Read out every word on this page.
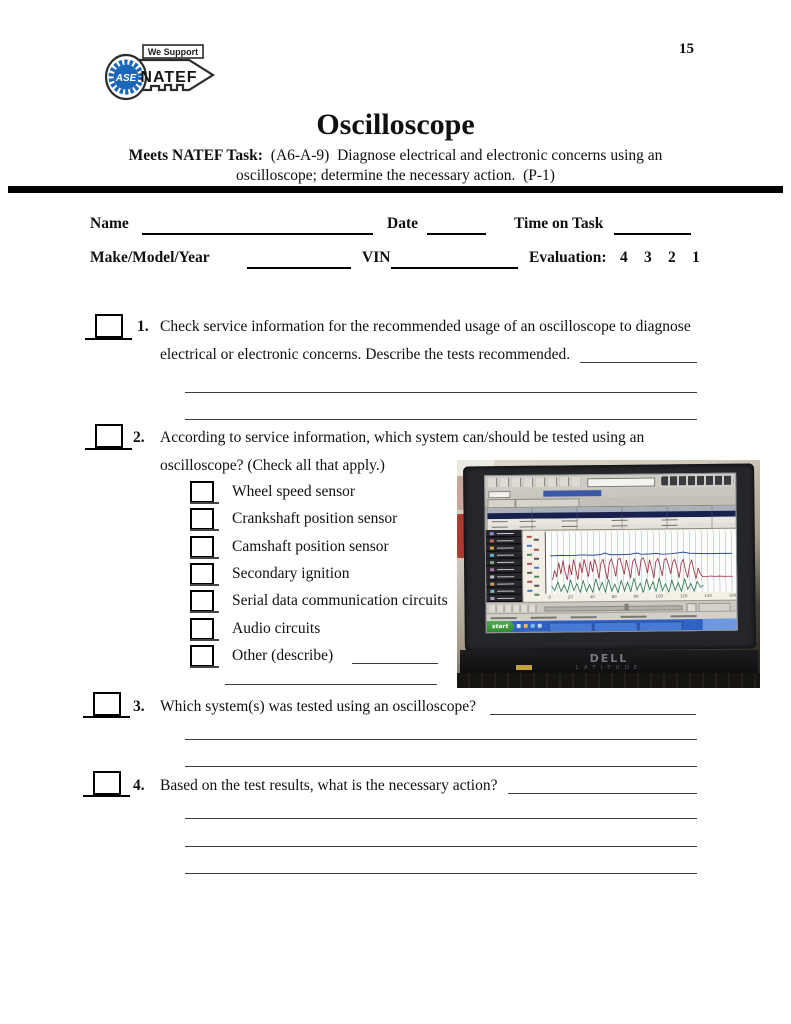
15
ASE
We Support
NATEF
Oscilloscope
Meets NATEF Task: (A6-A-9)  Diagnose electrical and electronic concerns using an
oscilloscope; determine the necessary action.  (P-1)
Name	Date	Time on Task
Make/Model/Year	VIN	Evaluation: 4 3 2 1
1. Check service information for the recommended usage of an oscilloscope to diagnose
electrical or electronic concerns. Describe the tests recommended.
2. According to service information, which system can/should be tested using an
oscilloscope? (Check all that apply.)
Wheel speed sensor
Crankshaft position sensor
Camshaft position sensor
Secondary ignition
Serial data communication circuits
Audio circuits
Other (describe)
3. Which system(s) was tested using an oscilloscope?
4. Based on the test results, what is the necessary action?
0	20	40	60	80	100	120	140	160
start
DELL
LATITUDE
